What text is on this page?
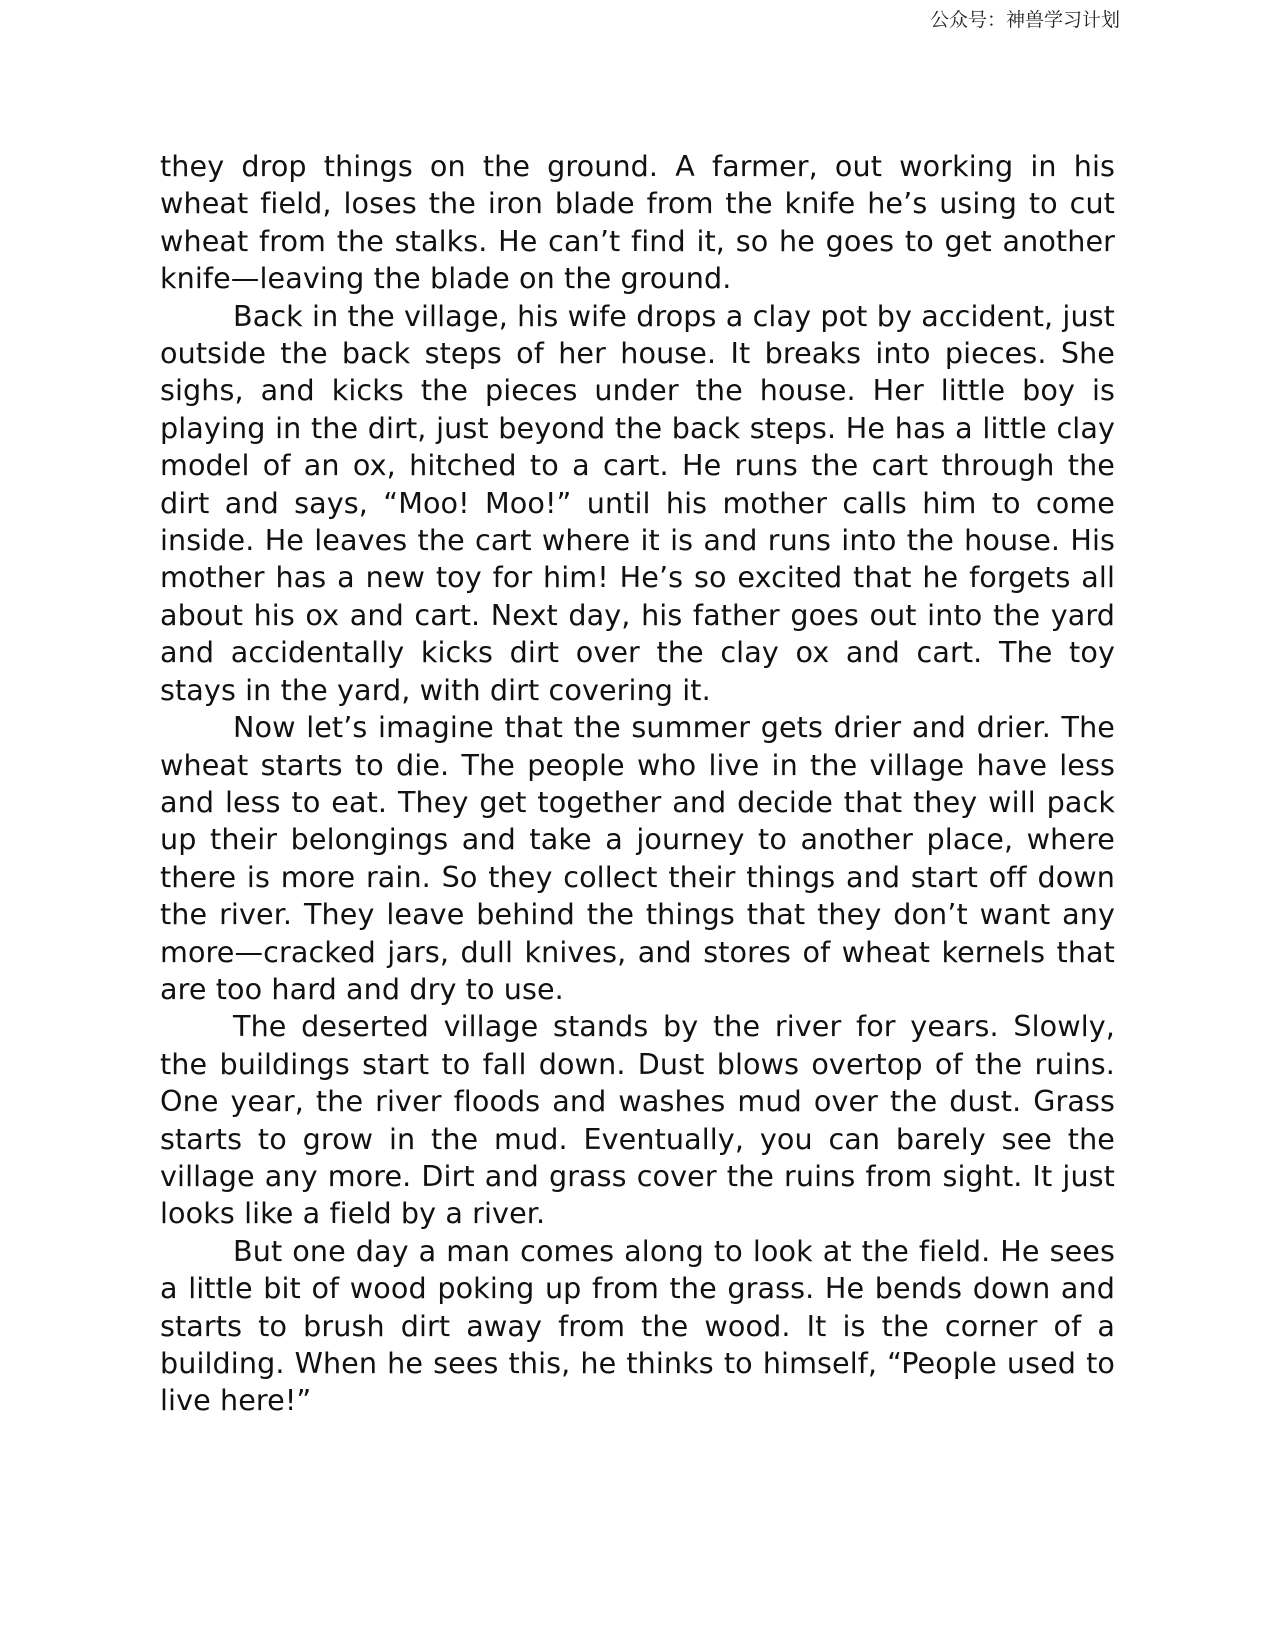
公众号：神兽学习计划

they drop things on the ground. A farmer, out working in his wheat field, loses the iron blade from the knife he’s using to cut wheat from the stalks. He can’t find it, so he goes to get another knife—leaving the blade on the ground.

Back in the village, his wife drops a clay pot by accident, just outside the back steps of her house. It breaks into pieces. She sighs, and kicks the pieces under the house. Her little boy is playing in the dirt, just beyond the back steps. He has a little clay model of an ox, hitched to a cart. He runs the cart through the dirt and says, “Moo! Moo!” until his mother calls him to come inside. He leaves the cart where it is and runs into the house. His mother has a new toy for him! He’s so excited that he forgets all about his ox and cart. Next day, his father goes out into the yard and accidentally kicks dirt over the clay ox and cart. The toy stays in the yard, with dirt covering it.

Now let’s imagine that the summer gets drier and drier. The wheat starts to die. The people who live in the village have less and less to eat. They get together and decide that they will pack up their belongings and take a journey to another place, where there is more rain. So they collect their things and start off down the river. They leave behind the things that they don’t want any more—cracked jars, dull knives, and stores of wheat kernels that are too hard and dry to use.

The deserted village stands by the river for years. Slowly, the buildings start to fall down. Dust blows overtop of the ruins. One year, the river floods and washes mud over the dust. Grass starts to grow in the mud. Eventually, you can barely see the village any more. Dirt and grass cover the ruins from sight. It just looks like a field by a river.

But one day a man comes along to look at the field. He sees a little bit of wood poking up from the grass. He bends down and starts to brush dirt away from the wood. It is the corner of a building. When he sees this, he thinks to himself, “People used to live here!”
